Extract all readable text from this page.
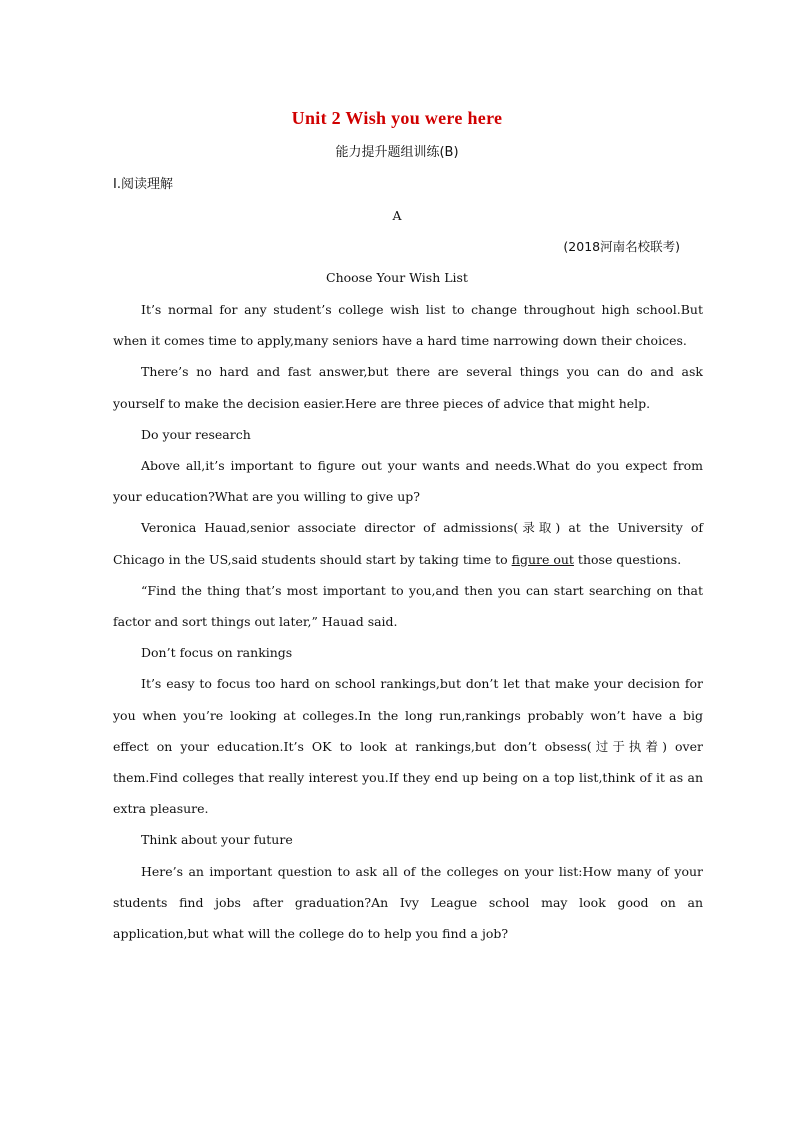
Unit 2 Wish you were here
能力提升题组训练(B)
Ⅰ.阅读理解
A
(2018河南名校联考)
Choose Your Wish List

It’s normal for any student’s college wish list to change throughout high school.But when it comes time to apply,many seniors have a hard time narrowing down their choices.

There’s no hard and fast answer,but there are several things you can do and ask yourself to make the decision easier.Here are three pieces of advice that might help.

Do your research

Above all,it’s important to figure out your wants and needs.What do you expect from your education?What are you willing to give up?

Veronica Hauad,senior associate director of admissions(录取) at the University of Chicago in the US,said students should start by taking time to figure out those questions.

“Find the thing that’s most important to you,and then you can start searching on that factor and sort things out later,” Hauad said.

Don’t focus on rankings

It’s easy to focus too hard on school rankings,but don’t let that make your decision for you when you’re looking at colleges.In the long run,rankings probably won’t have a big effect on your education.It’s OK to look at rankings,but don’t obsess(过于执着) over them.Find colleges that really interest you.If they end up being on a top list,think of it as an extra pleasure.

Think about your future

Here’s an important question to ask all of the colleges on your list:How many of your students find jobs after graduation?An Ivy League school may look good on an application,but what will the college do to help you find a job?
